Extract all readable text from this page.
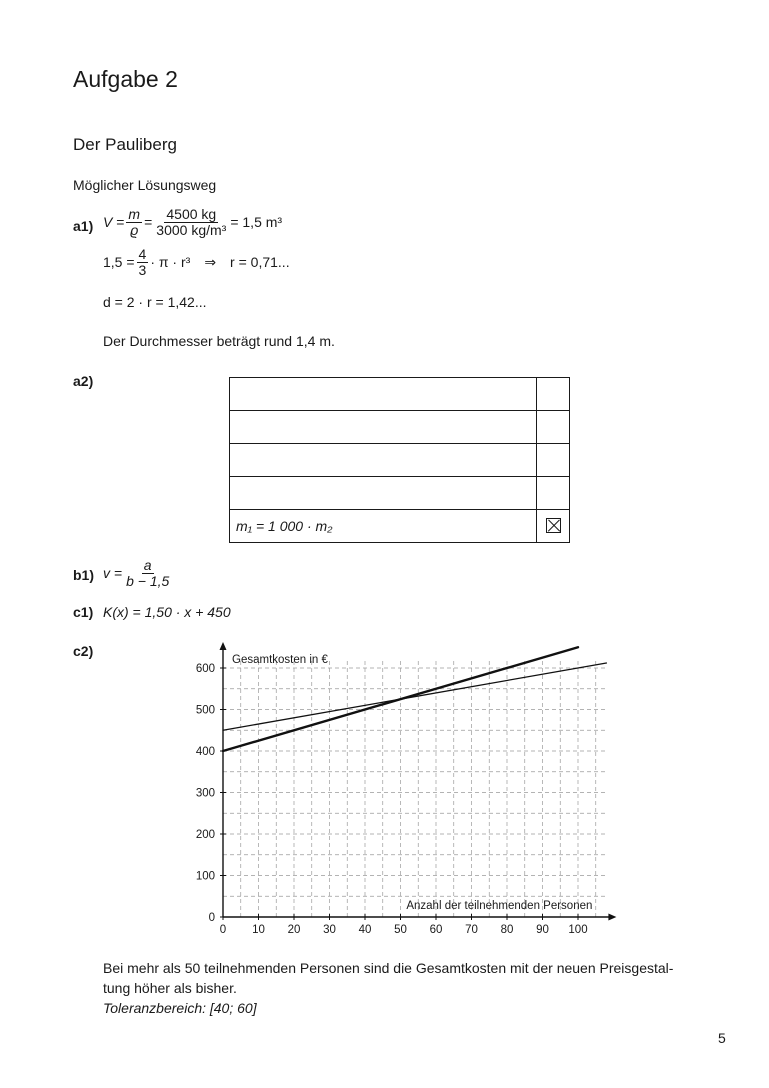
Aufgabe 2
Der Pauliberg
Möglicher Lösungsweg
a1) V
= $\frac{m}{ϱ} = \frac{4500 kg}{\text{3000 kg/m³}} = 1,5$ m³
$1,5 = \frac{4}{3} \cdot \pi \cdot r^3$ ⇒ r = 0,71...
d = 2 · r = 1,42...
Der Durchmesser beträgt rund 1,4 m.
a2)

m₁ = 1 000 · m₂	
b1) $v = \frac{a}{b - 1,5}$
c1) K(x) = 1,50 · x + 450
c2)
0 10 20 30 40 50 60 70 80 90 100
0
100
200
300
400
500
600
Gesamtkosten in €
Anzahl der teilnehmenden Personen
Bei mehr als 50 teilnehmenden Personen sind die Gesamtkosten mit der neuen Preisgestal-
tung höher als bisher.
Toleranzbereich: [40; 60]
5
